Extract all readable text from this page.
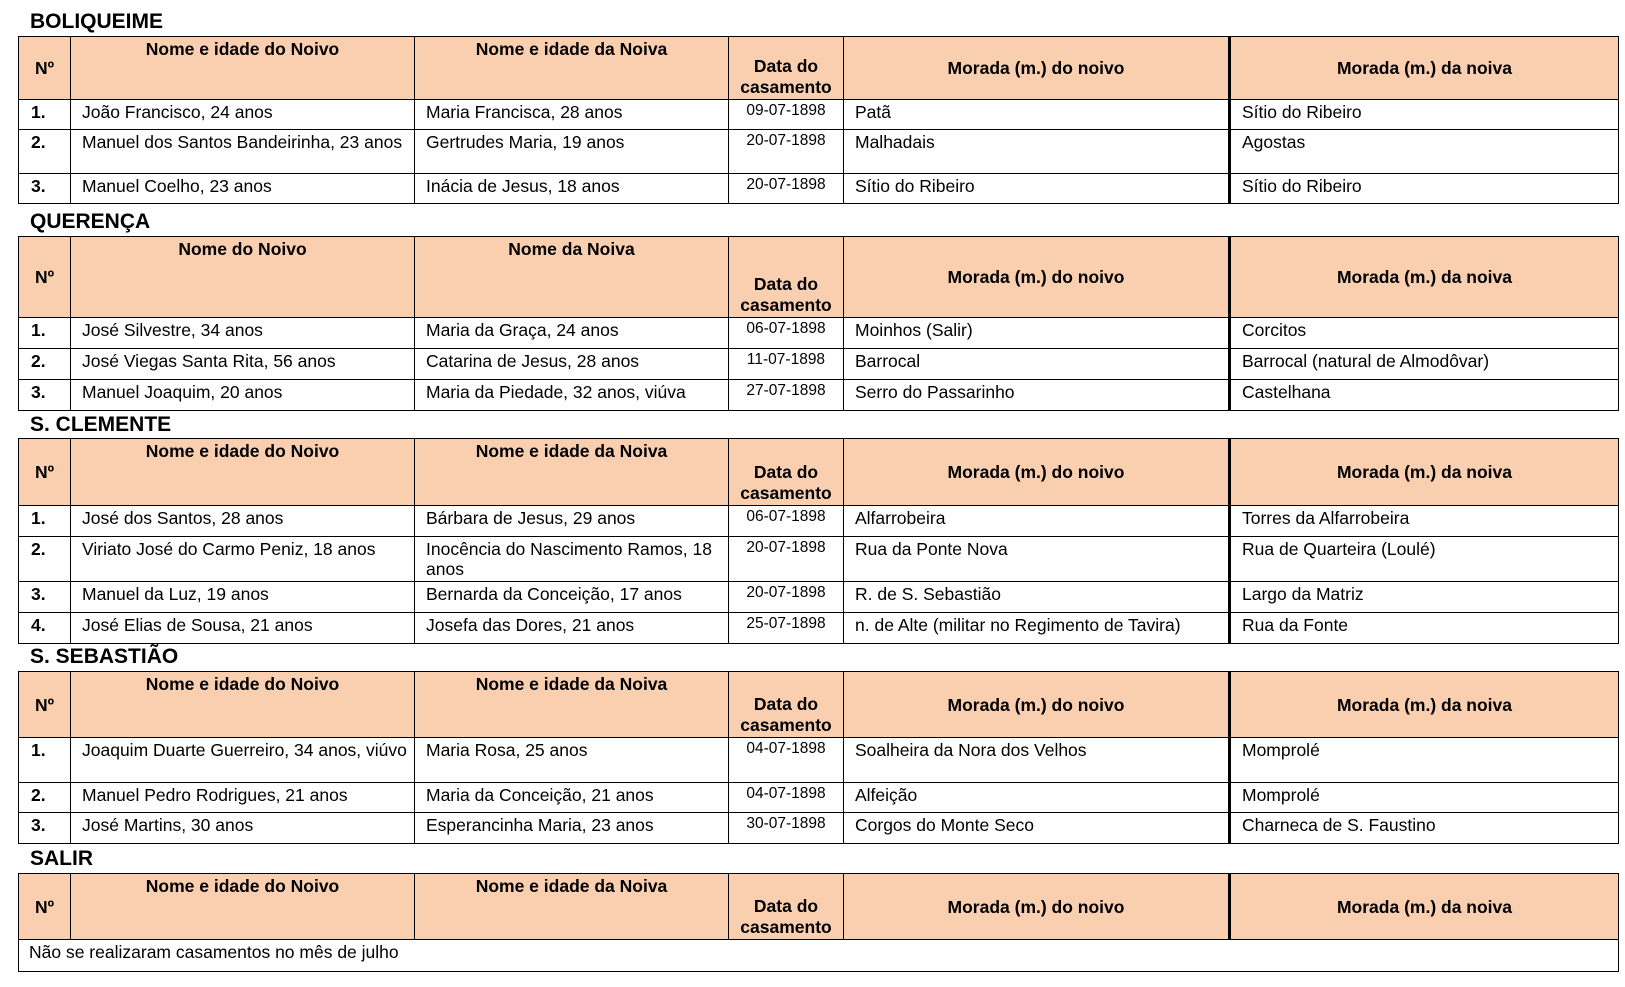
BOLIQUEIME
Nº	Nome e idade do Noivo	Nome e idade da Noiva	Data do
casamento	Morada (m.) do noivo	Morada (m.) da noiva
1.	João Francisco, 24 anos	Maria Francisca, 28 anos	09-07-1898	Patã	Sítio do Ribeiro
2.	Manuel dos Santos Bandeirinha, 23 anos	Gertrudes Maria, 19 anos	20-07-1898	Malhadais	Agostas
3.	Manuel Coelho, 23 anos	Inácia de Jesus, 18 anos	20-07-1898	Sítio do Ribeiro	Sítio do Ribeiro
QUERENÇA
Nº	Nome do Noivo	Nome da Noiva	Data do
casamento	Morada (m.) do noivo	Morada (m.) da noiva
1.	José Silvestre, 34 anos	Maria da Graça, 24 anos	06-07-1898	Moinhos (Salir)	Corcitos
2.	José Viegas Santa Rita, 56 anos	Catarina de Jesus, 28 anos	11-07-1898	Barrocal	Barrocal (natural de Almodôvar)
3.	Manuel Joaquim, 20 anos	Maria da Piedade, 32 anos, viúva	27-07-1898	Serro do Passarinho	Castelhana
S. CLEMENTE
Nº	Nome e idade do Noivo	Nome e idade da Noiva	Data do
casamento	Morada (m.) do noivo	Morada (m.) da noiva
1.	José dos Santos, 28 anos	Bárbara de Jesus, 29 anos	06-07-1898	Alfarrobeira	Torres da Alfarrobeira
2.	Viriato José do Carmo Peniz, 18 anos	Inocência do Nascimento Ramos, 18 anos	20-07-1898	Rua da Ponte Nova	Rua de Quarteira (Loulé)
3.	Manuel da Luz, 19 anos	Bernarda da Conceição, 17 anos	20-07-1898	R. de S. Sebastião	Largo da Matriz
4.	José Elias de Sousa, 21 anos	Josefa das Dores, 21 anos	25-07-1898	n. de Alte (militar no Regimento de Tavira)	Rua da Fonte
S. SEBASTIÃO
Nº	Nome e idade do Noivo	Nome e idade da Noiva	Data do
casamento	Morada (m.) do noivo	Morada (m.) da noiva
1.	Joaquim Duarte Guerreiro, 34 anos, viúvo	Maria Rosa, 25 anos	04-07-1898	Soalheira da Nora dos Velhos	Momprolé
2.	Manuel Pedro Rodrigues, 21 anos	Maria da Conceição, 21 anos	04-07-1898	Alfeição	Momprolé
3.	José Martins, 30 anos	Esperancinha Maria, 23 anos	30-07-1898	Corgos do Monte Seco	Charneca de S. Faustino
SALIR
Nº	Nome e idade do Noivo	Nome e idade da Noiva	Data do
casamento	Morada (m.) do noivo	Morada (m.) da noiva
Não se realizaram casamentos no mês de julho
